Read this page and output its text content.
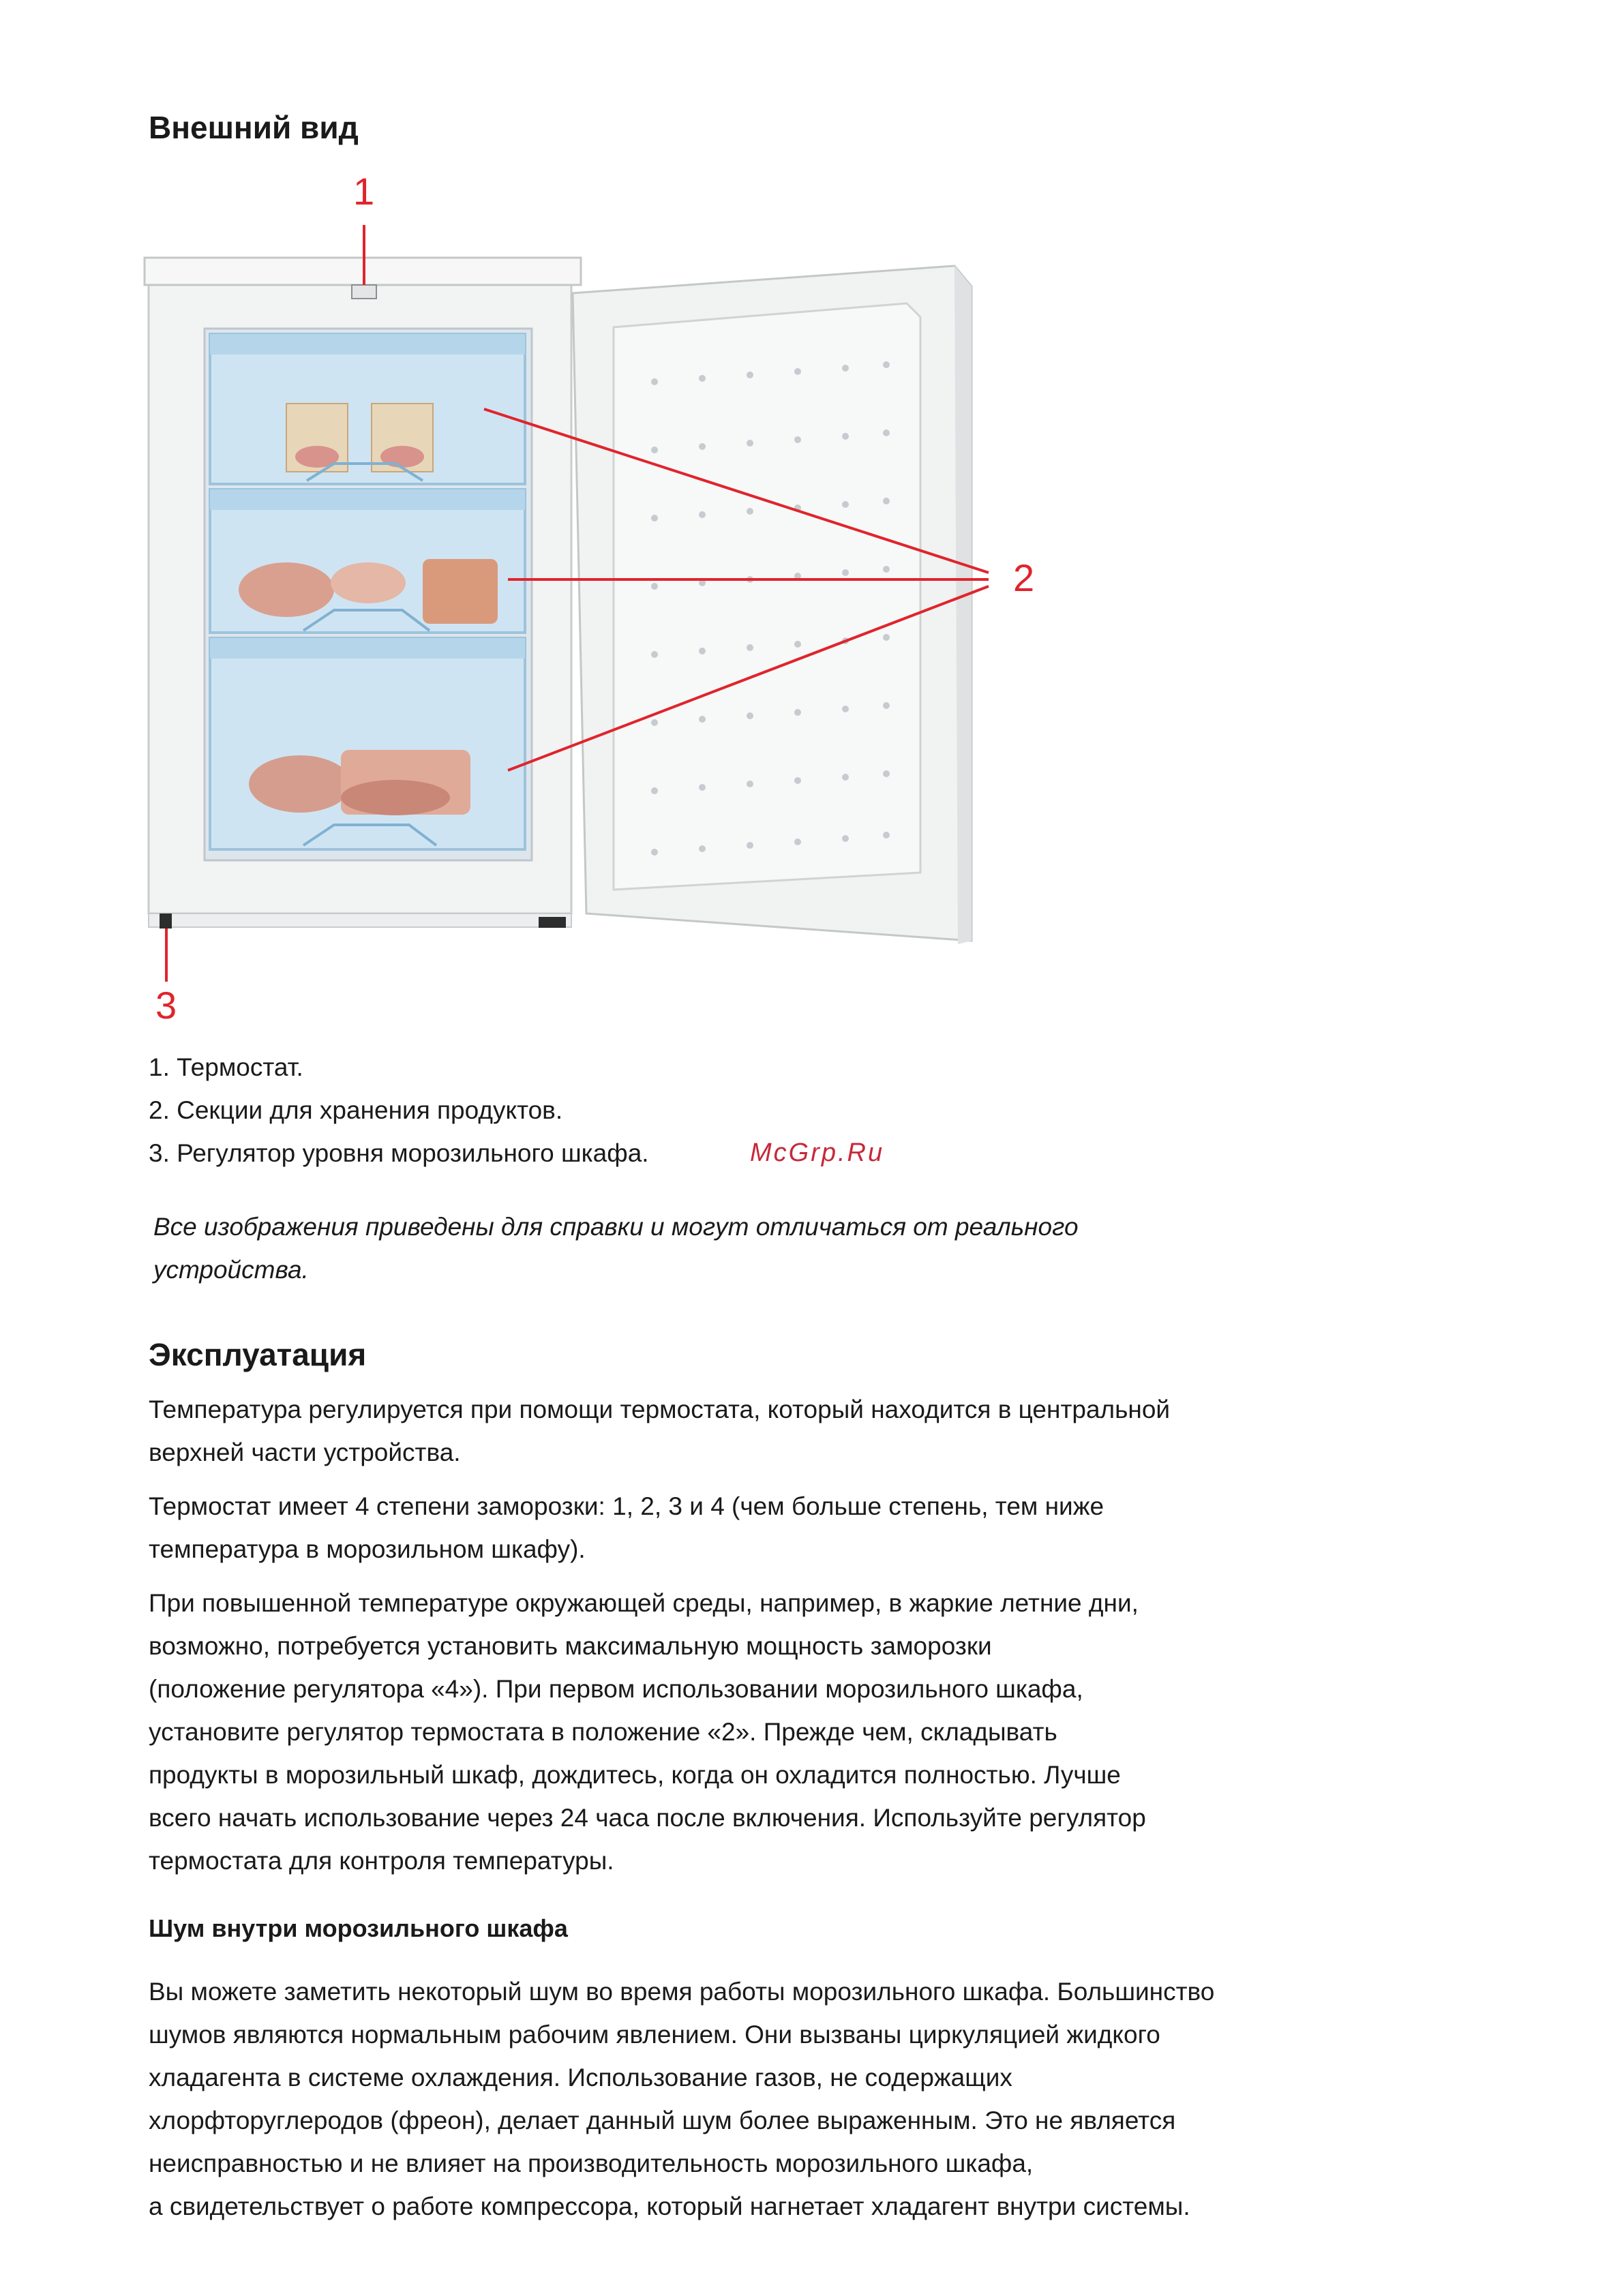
Внешний вид
1
2
3
1. Термостат.
2. Секции для хранения продуктов.
3. Регулятор уровня морозильного шкафа.	McGrp.Ru
Все изображения приведены для справки и могут отличаться от реального
устройства.
Эксплуатация
Температура регулируется при помощи термостата, который находится в центральной
верхней части устройства.
Термостат имеет 4 степени заморозки: 1, 2, 3 и 4 (чем больше степень, тем ниже
температура в морозильном шкафу).
При повышенной температуре окружающей среды, например, в жаркие летние дни,
возможно, потребуется установить максимальную мощность заморозки
(положение регулятора «4»). При первом использовании морозильного шкафа,
установите регулятор термостата в положение «2». Прежде чем, складывать
продукты в морозильный шкаф, дождитесь, когда он охладится полностью. Лучше
всего начать использование через 24 часа после включения. Используйте регулятор
термостата для контроля температуры.
Шум внутри морозильного шкафа
Вы можете заметить некоторый шум во время работы морозильного шкафа. Большинство
шумов являются нормальным рабочим явлением. Они вызваны циркуляцией жидкого
хладагента в системе охлаждения. Использование газов, не содержащих
хлорфторуглеродов (фреон), делает данный шум более выраженным. Это не является
неисправностью и не влияет на производительность морозильного шкафа,
а свидетельствует о работе компрессора, который нагнетает хладагент внутри системы.
